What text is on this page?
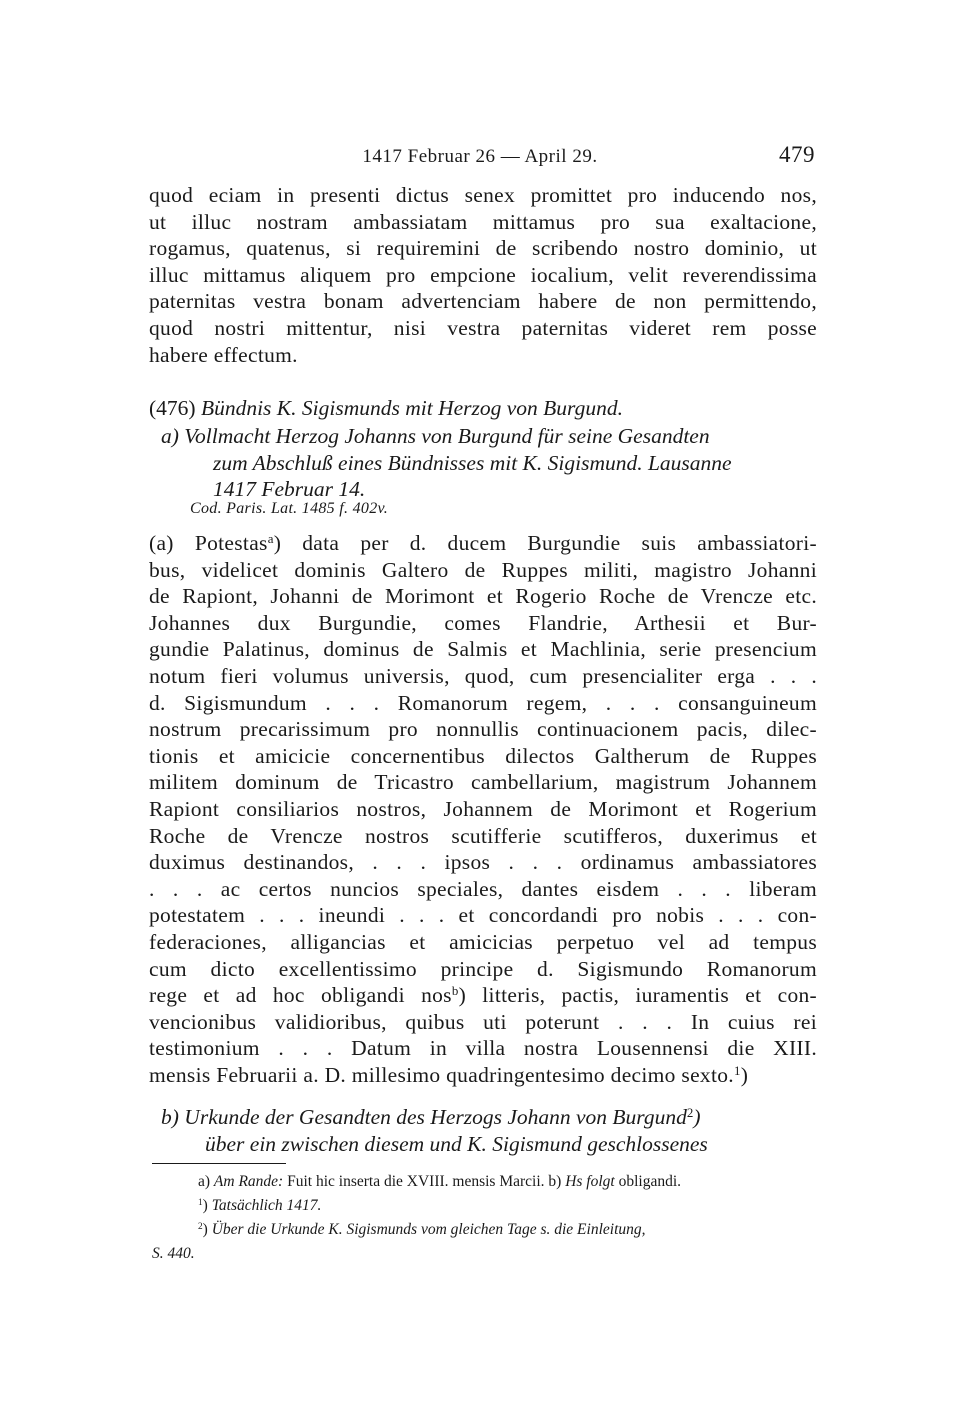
1417 Februar 26 — April 29.	479
quod eciam in presenti dictus senex promittet pro inducendo nos,
ut illuc nostram ambassiatam mittamus pro sua exaltacione,
rogamus, quatenus, si requiremini de scribendo nostro dominio, ut
illuc mittamus aliquem pro empcione iocalium, velit reverendissima
paternitas vestra bonam advertenciam habere de non permittendo,
quod nostri mittentur, nisi vestra paternitas videret rem posse
habere effectum.
(476) Bündnis K. Sigismunds mit Herzog von Burgund.
a) Vollmacht Herzog Johanns von Burgund für seine Gesandten
zum Abschluß eines Bündnisses mit K. Sigismund. Lausanne
1417 Februar 14.
Cod. Paris. Lat. 1485 f. 402v.
(a) Potestas$^a$) data per d. ducem Burgundie suis ambassiatori-
bus, videlicet dominis Galtero de Ruppes militi, magistro Johanni
de Rapiont, Johanni de Morimont et Rogerio Roche de Vrencze etc.
Johannes dux Burgundie, comes Flandrie, Arthesii et Bur-
gundie Palatinus, dominus de Salmis et Machlinia, serie presencium
notum fieri volumus universis, quod, cum presencialiter erga . . .
d. Sigismundum . . . Romanorum regem, . . . consanguineum
nostrum precarissimum pro nonnullis continuacionem pacis, dilec-
tionis et amicicie concernentibus dilectos Galtherum de Ruppes
militem dominum de Tricastro cambellarium, magistrum Johannem
Rapiont consiliarios nostros, Johannem de Morimont et Rogerium
Roche de Vrencze nostros scutifferie scutifferos, duxerimus et
duximus destinandos, . . . ipsos . . . ordinamus ambassiatores
. . . ac certos nuncios speciales, dantes eisdem . . . liberam
potestatem . . . ineundi . . . et concordandi pro nobis . . . con-
federaciones, alligancias et amicicias perpetuo vel ad tempus
cum dicto excellentissimo principe d. Sigismundo Romanorum
rege et ad hoc obligandi nos$^b$) litteris, pactis, iuramentis et con-
vencionibus validioribus, quibus uti poterunt . . . In cuius rei
testimonium . . . Datum in villa nostra Lousennensi die XIII.
mensis Februarii a. D. millesimo quadringentesimo decimo sexto.$^1$)
b) Urkunde der Gesandten des Herzogs Johann von Burgund$^2$)
über ein zwischen diesem und K. Sigismund geschlossenes
a) Am Rande: Fuit hic inserta die XVIII. mensis Marcii. b) Hs folgt obligandi.
$^1$) Tatsächlich 1417.
$^2$) Über die Urkunde K. Sigismunds vom gleichen Tage s. die Einleitung,
S. 440.
